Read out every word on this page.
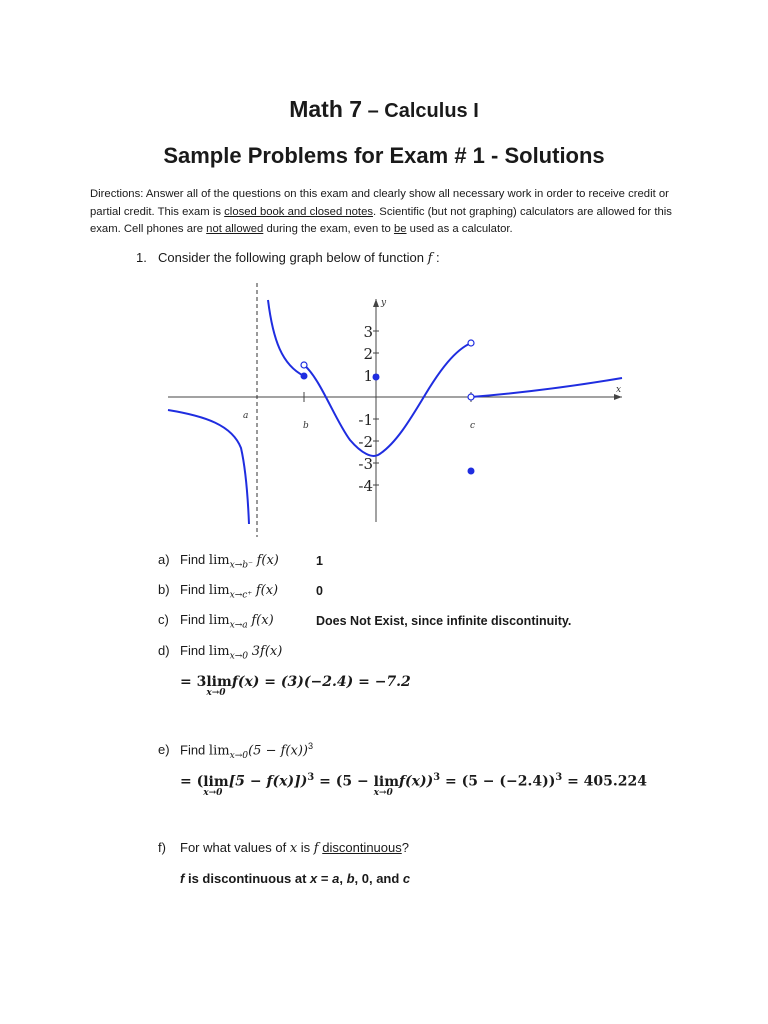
Math 7 – Calculus I
Sample Problems for Exam # 1 - Solutions
Directions: Answer all of the questions on this exam and clearly show all necessary work in order to receive credit or partial credit. This exam is closed book and closed notes. Scientific (but not graphing) calculators are allowed for this exam. Cell phones are not allowed during the exam, even to be used as a calculator.
1. Consider the following graph below of function f :
x
y
3
2
1
-1
-2
-3
-4
a
b	c
a) Find $\lim_{x\to b^-} f(x)$	1
b) Find $\lim_{x\to c^+} f(x)$	0
c) Find $\lim_{x\to a} f(x)$	Does Not Exist, since infinite discontinuity.
d) Find $\lim_{x\to 0} 3f(x)$
= 3lim
x→0
f(x) = (3)(−2.4) = −7.2
e) Find $\lim_{x\to 0}(5 - f(x))^3$
= (lim
x→0
[5 − f(x)])$^3$ = (5 − lim
x→0
$f(x))^3 = (5 - (-2.4))^3 = 405.224$
f) For what values of x is f discontinuous?
f is discontinuous at x = a, b, 0, and c
